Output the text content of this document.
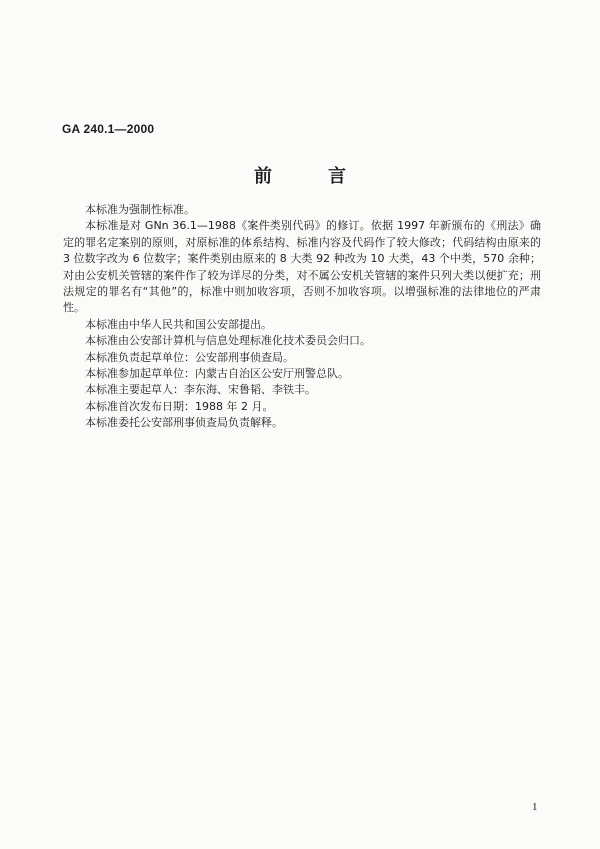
GA 240.1—2000
前	言

本标准为强制性标准。

本标准是对 GNn 36.1—1988《案件类别代码》的修订。依据 1997 年新颁布的《刑法》确定的罪名定案别的原则，对原标准的体系结构、标准内容及代码作了较大修改；代码结构由原来的 3 位数字改为 6 位数字；案件类别由原来的 8 大类 92 种改为 10 大类，43 个中类，570 余种；对由公安机关管辖的案件作了较为详尽的分类，对不属公安机关管辖的案件只列大类以便扩充；刑法规定的罪名有“其他”的，标准中则加收容项，否则不加收容项。以增强标准的法律地位的严肃性。

本标准由中华人民共和国公安部提出。

本标准由公安部计算机与信息处理标准化技术委员会归口。

本标准负责起草单位：公安部刑事侦查局。

本标准参加起草单位：内蒙古自治区公安厅刑警总队。

本标准主要起草人：李东海、宋鲁韬、李铁丰。

本标准首次发布日期：1988 年 2 月。

本标准委托公安部刑事侦查局负责解释。

1
